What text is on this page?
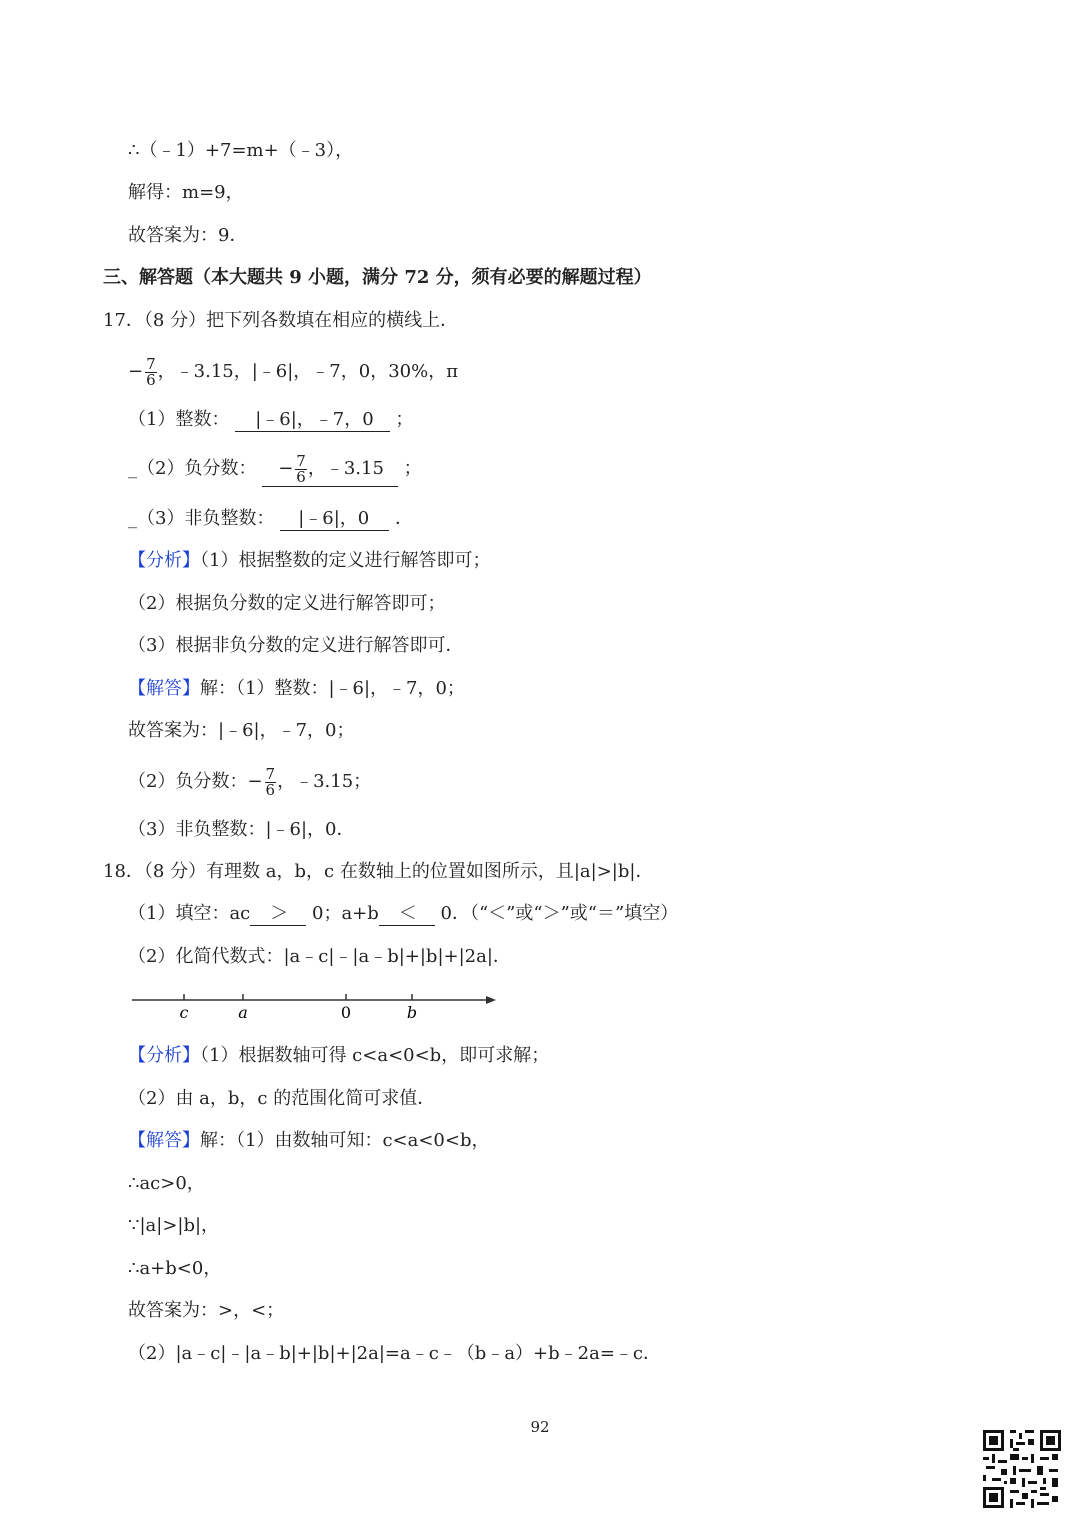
∴（﹣1）+7=m+（﹣3），
解得：m=9，
故答案为：9．
三、解答题（本大题共 9 小题，满分 72 分，须有必要的解题过程）
17．（8 分）把下列各数填在相应的横线上．
− $\frac{7}{6}$ ，﹣3.15，|﹣6|，﹣7，0，30%，π
（1）整数： |﹣6|，﹣7，0 ；
_（2）负分数： − $\frac{7}{6}$ ，﹣3.15 ；
_（3）非负整数： |﹣6|，0 ．
【分析】（1）根据整数的定义进行解答即可；
（2）根据负分数的定义进行解答即可；
（3）根据非负分数的定义进行解答即可．
【解答】解：（1）整数：|﹣6|，﹣7，0；
故答案为：|﹣6|，﹣7，0；
（2）负分数：− $\frac{7}{6}$ ，﹣3.15；
（3）非负整数：|﹣6|，0．
18．（8 分）有理数 a，b，c 在数轴上的位置如图所示，且|a|>|b|．
（1）填空：ac ＞ 0；a+b ＜ 0．（“＜”或“＞”或“＝”填空）
（2）化简代数式：|a﹣c|﹣|a﹣b|+|b|+|2a|．
c	a	0	b
【分析】（1）根据数轴可得 c<a<0<b，即可求解；
（2）由 a，b，c 的范围化简可求值．
【解答】解：（1）由数轴可知：c<a<0<b，
∴ac>0，
∵|a|>|b|，
∴a+b<0，
故答案为：>，<；
（2）|a﹣c|﹣|a﹣b|+|b|+|2a|=a﹣c﹣（b﹣a）+b﹣2a=﹣c．
92
